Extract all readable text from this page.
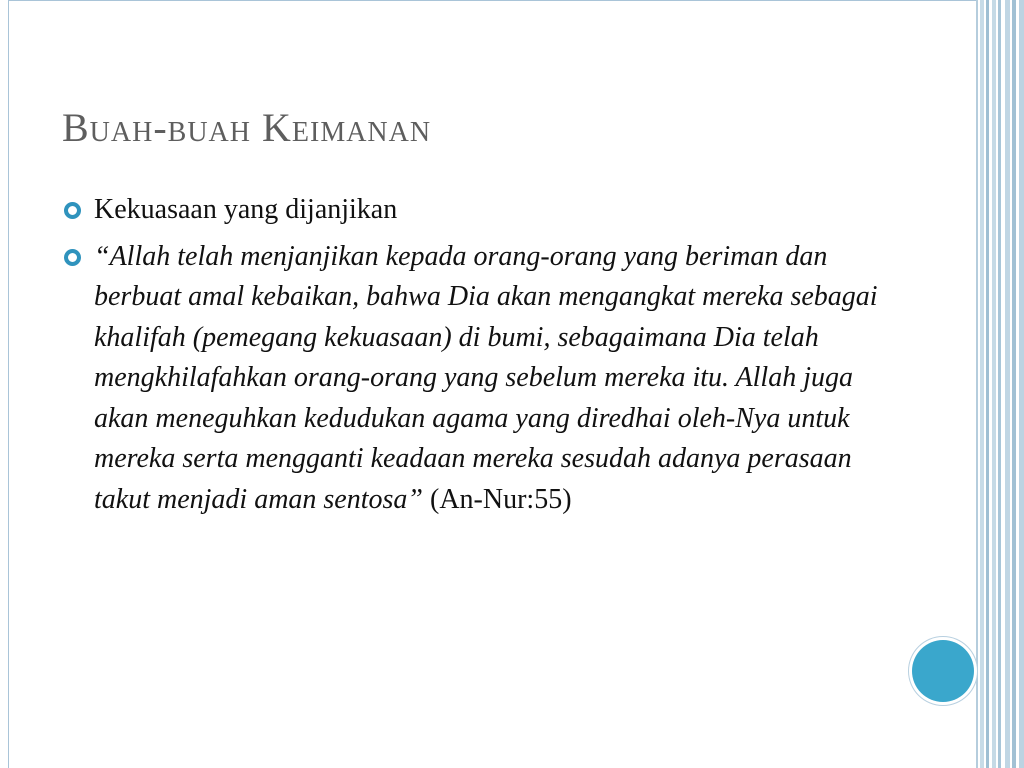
Buah-buah Keimanan
Kekuasaan yang dijanjikan
“Allah telah menjanjikan kepada orang-orang yang beriman dan berbuat amal kebaikan, bahwa Dia akan mengangkat mereka sebagai khalifah (pemegang kekuasaan) di bumi, sebagaimana Dia telah mengkhilafahkan orang-orang yang sebelum mereka itu. Allah juga akan meneguhkan kedudukan agama yang diredhai oleh-Nya untuk mereka serta mengganti keadaan mereka sesudah adanya perasaan takut menjadi aman sentosa” (An-Nur:55)
